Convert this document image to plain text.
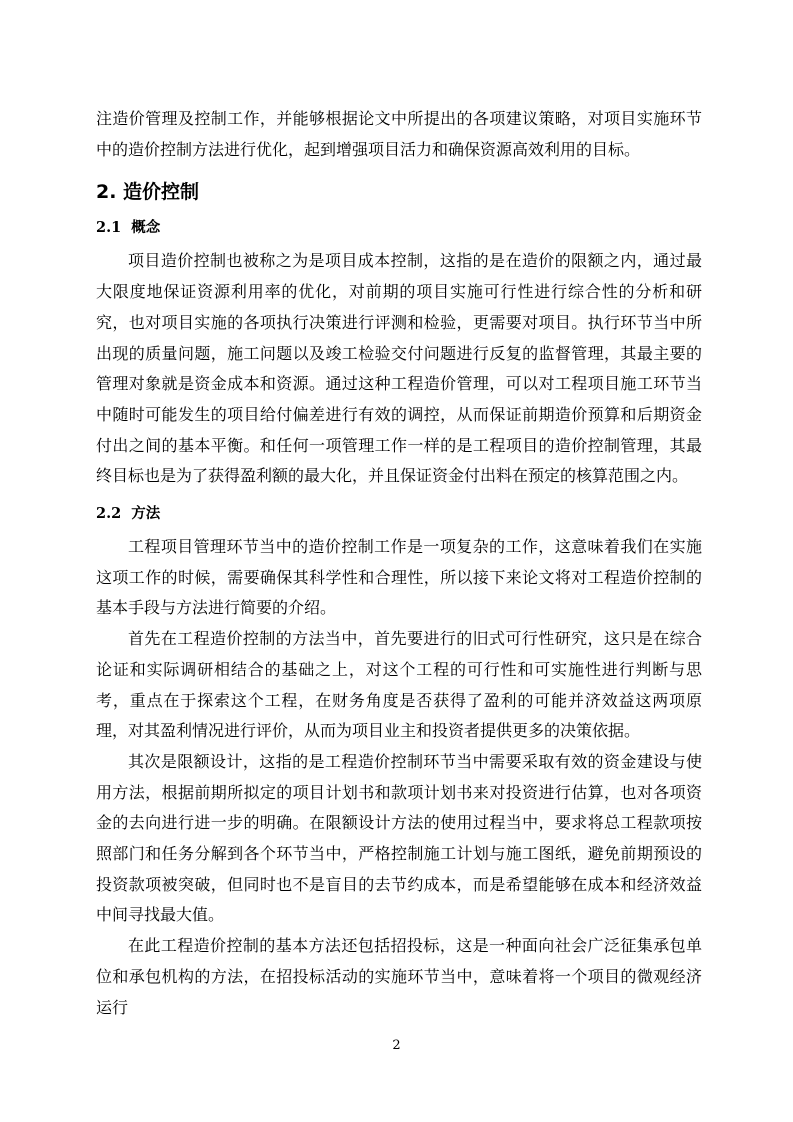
注造价管理及控制工作，并能够根据论文中所提出的各项建议策略，对项目实施环节中的造价控制方法进行优化，起到增强项目活力和确保资源高效利用的目标。

2. 造价控制
2.1 概念

项目造价控制也被称之为是项目成本控制，这指的是在造价的限额之内，通过最大限度地保证资源利用率的优化，对前期的项目实施可行性进行综合性的分析和研究，也对项目实施的各项执行决策进行评测和检验，更需要对项目。执行环节当中所出现的质量问题，施工问题以及竣工检验交付问题进行反复的监督管理，其最主要的管理对象就是资金成本和资源。通过这种工程造价管理，可以对工程项目施工环节当中随时可能发生的项目给付偏差进行有效的调控，从而保证前期造价预算和后期资金付出之间的基本平衡。和任何一项管理工作一样的是工程项目的造价控制管理，其最终目标也是为了获得盈利额的最大化，并且保证资金付出料在预定的核算范围之内。

2.2 方法

工程项目管理环节当中的造价控制工作是一项复杂的工作，这意味着我们在实施这项工作的时候，需要确保其科学性和合理性，所以接下来论文将对工程造价控制的基本手段与方法进行简要的介绍。

首先在工程造价控制的方法当中，首先要进行的旧式可行性研究，这只是在综合论证和实际调研相结合的基础之上，对这个工程的可行性和可实施性进行判断与思考，重点在于探索这个工程，在财务角度是否获得了盈利的可能并济效益这两项原理，对其盈利情况进行评价，从而为项目业主和投资者提供更多的决策依据。

其次是限额设计，这指的是工程造价控制环节当中需要采取有效的资金建设与使用方法，根据前期所拟定的项目计划书和款项计划书来对投资进行估算，也对各项资金的去向进行进一步的明确。在限额设计方法的使用过程当中，要求将总工程款项按照部门和任务分解到各个环节当中，严格控制施工计划与施工图纸，避免前期预设的投资款项被突破，但同时也不是盲目的去节约成本，而是希望能够在成本和经济效益中间寻找最大值。

在此工程造价控制的基本方法还包括招投标，这是一种面向社会广泛征集承包单位和承包机构的方法，在招投标活动的实施环节当中，意味着将一个项目的微观经济运行

2
